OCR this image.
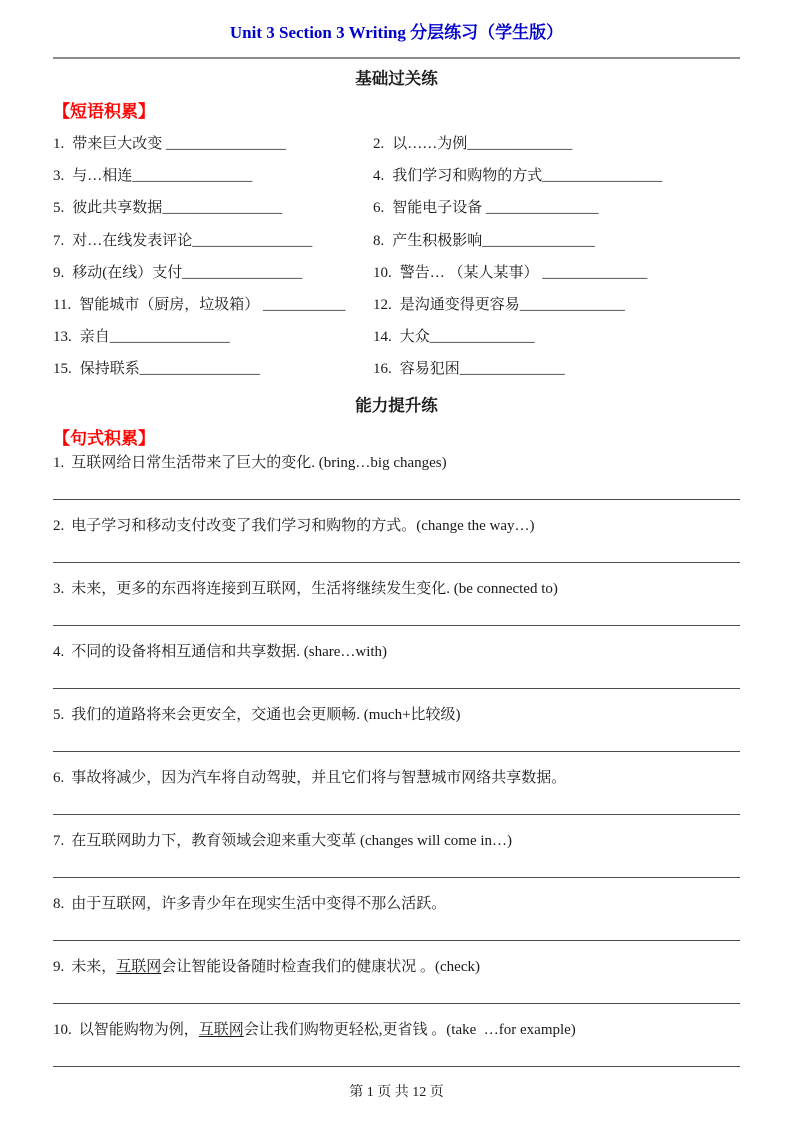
Unit 3 Section 3 Writing 分层练习（学生版）
基础过关练
【短语积累】
1. 带来巨大改变 ________________	2. 以……为例______________
3. 与…相连________________	4. 我们学习和购物的方式________________
5. 彼此共享数据________________	6. 智能电子设备 _______________
7. 对…在线发表评论________________	8. 产生积极影响_______________
9. 移动(在线）支付________________	10. 警告… （某人某事） ______________
11. 智能城市（厨房，垃圾箱） ___________	12. 是沟通变得更容易______________
13. 亲自________________	14. 大众______________
15. 保持联系________________	16. 容易犯困______________
能力提升练
【句式积累】
1. 互联网给日常生活带来了巨大的变化. (bring…big changes)
2. 电子学习和移动支付改变了我们学习和购物的方式。(change the way…)
3. 未来，更多的东西将连接到互联网，生活将继续发生变化. (be connected to)
4. 不同的设备将相互通信和共享数据. (share…with)
5. 我们的道路将来会更安全，交通也会更顺畅. (much+比较级)
6. 事故将减少，因为汽车将自动驾驶，并且它们将与智慧城市网络共享数据。
7. 在互联网助力下，教育领域会迎来重大变革 (changes will come in…)
8. 由于互联网，许多青少年在现实生活中变得不那么活跃。
9. 未来，互联网会让智能设备随时检查我们的健康状况 。(check)
10. 以智能购物为例，互联网会让我们购物更轻松,更省钱 。(take  …for example)
第 1 页 共 12 页
